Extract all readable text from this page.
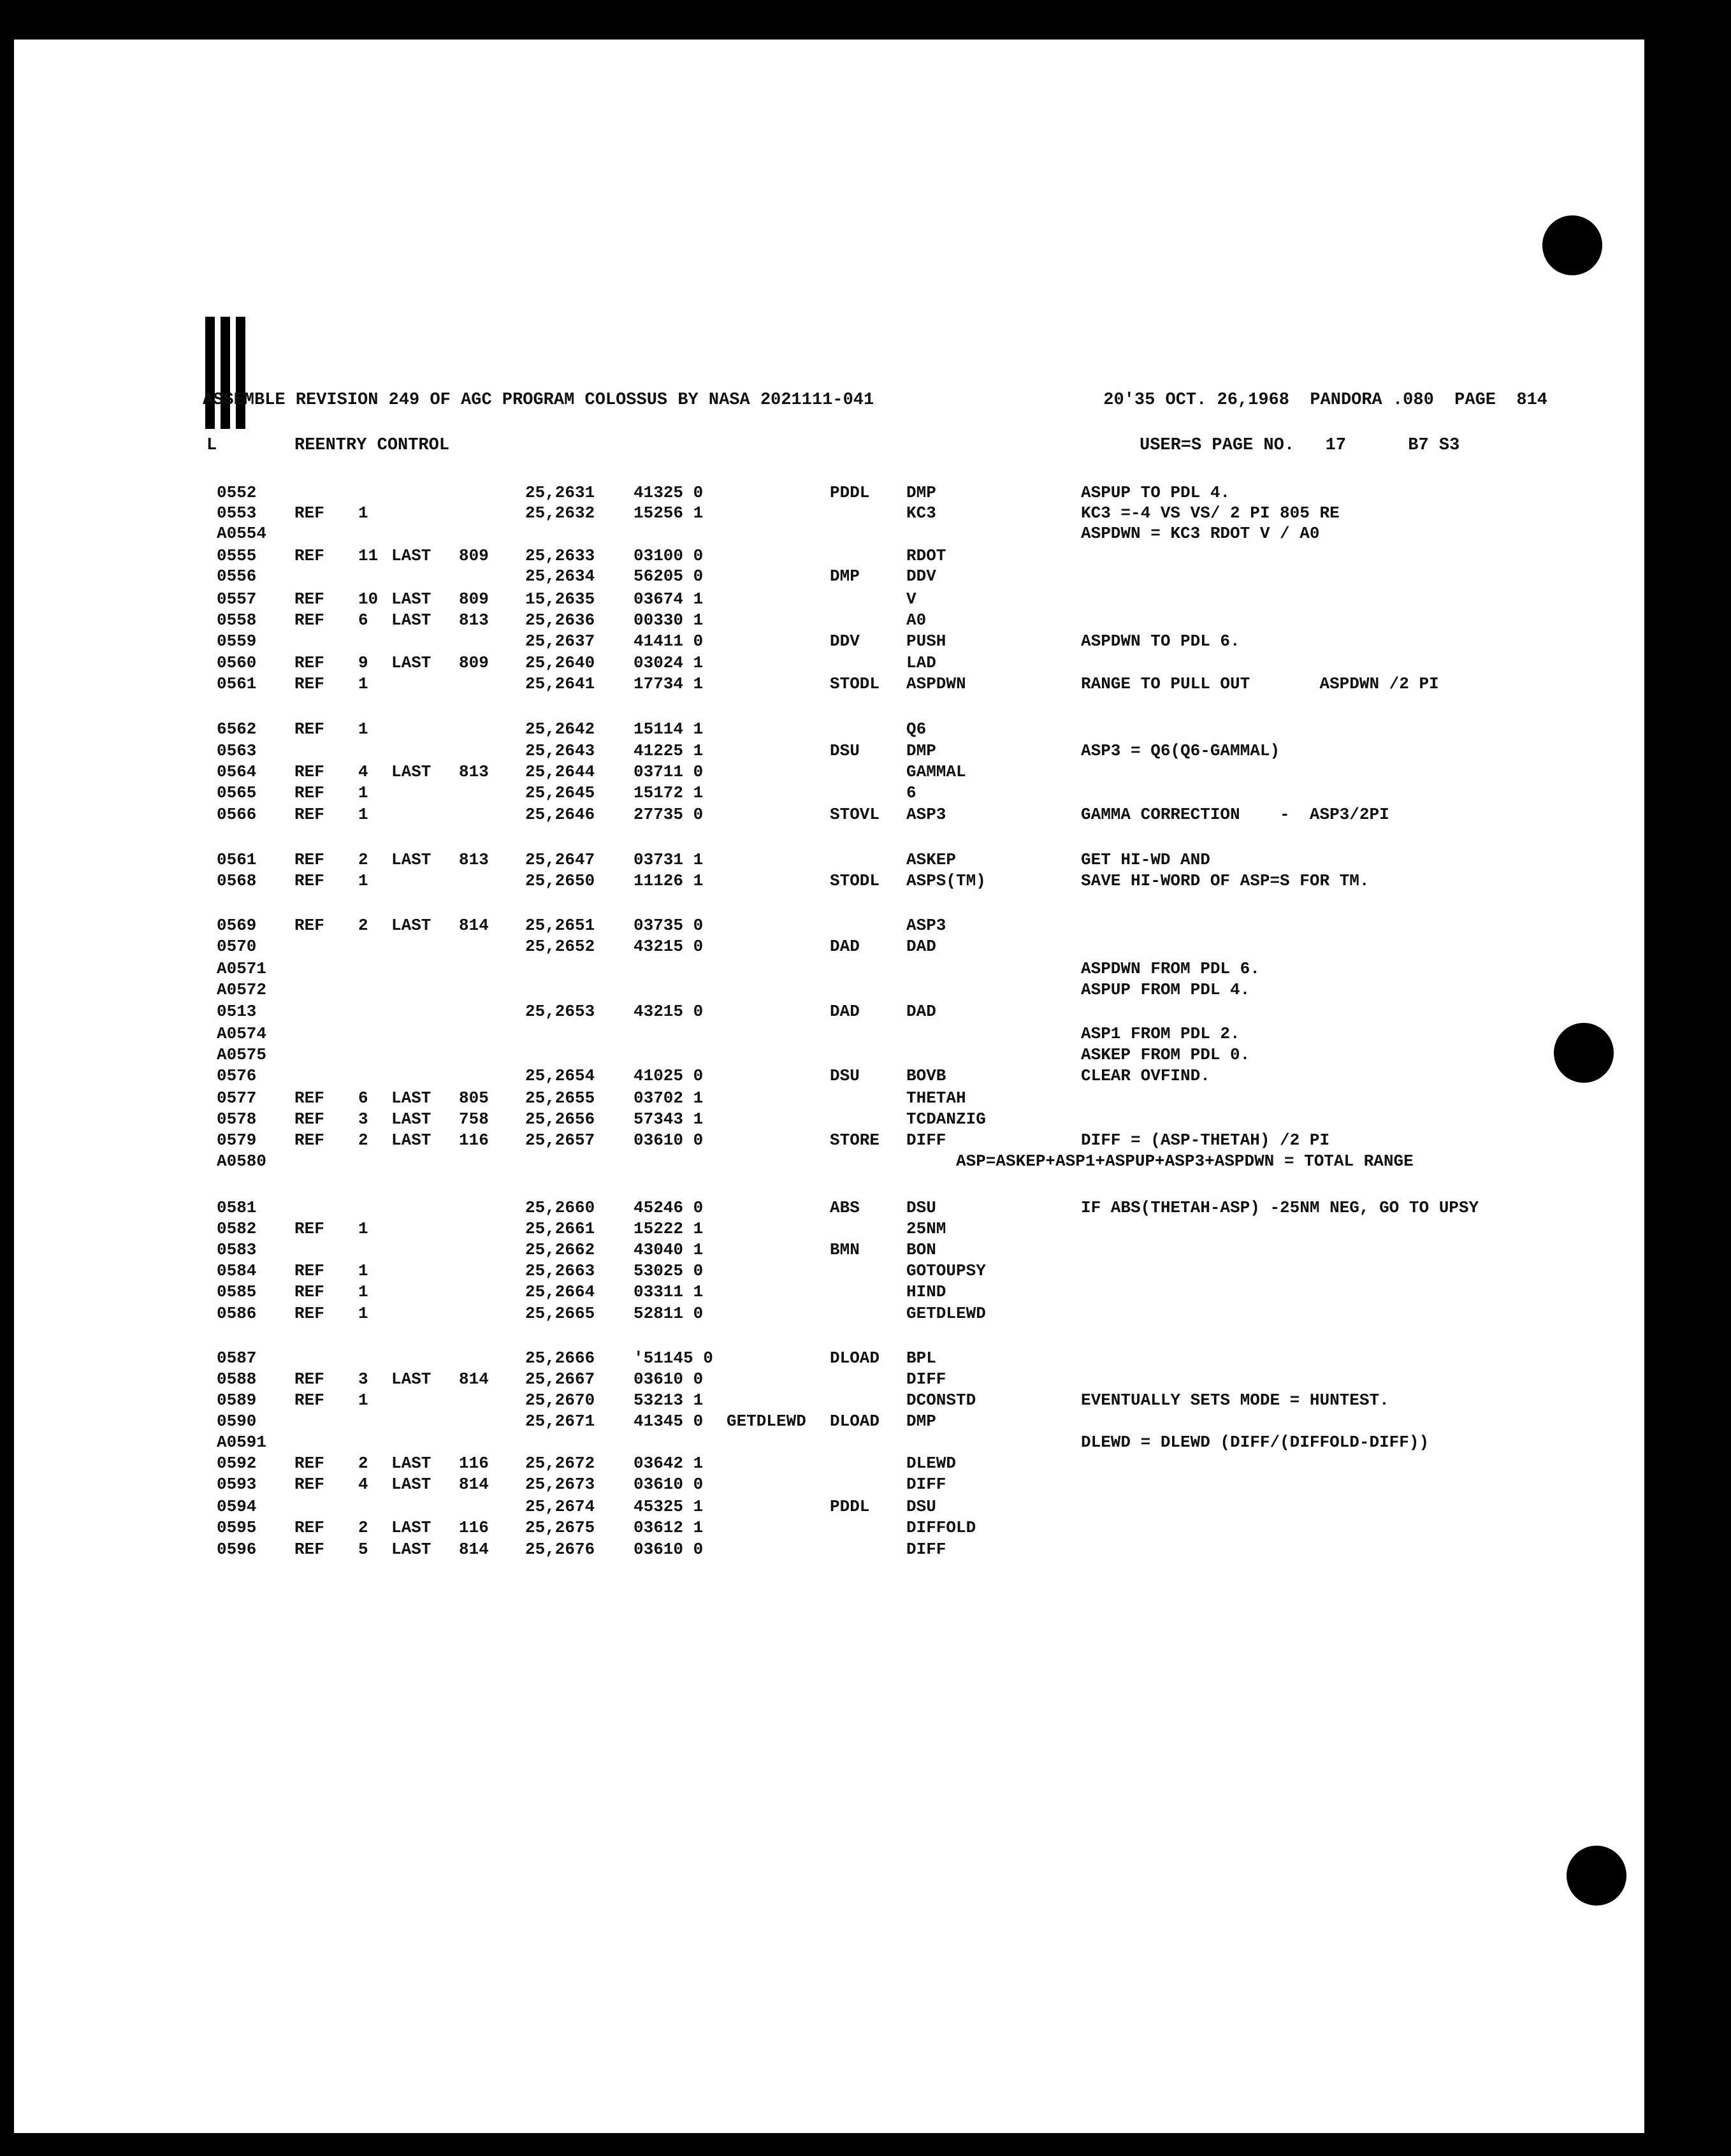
ASSEMBLE REVISION 249 OF AGC PROGRAM COLOSSUS BY NASA 2021111-041	20'35 OCT. 26,1968  PANDORA .080  PAGE  814
L	REENTRY CONTROL	USER=S PAGE NO.   17      B7 S3
0552	25,2631 41325 0	PDDL DMP	ASPUP TO PDL 4.
0553 REF 1	25,2632 15256 1	KC3	KC3 =-4 VS VS/ 2 PI 805 RE
A0554	ASPDWN = KC3 RDOT V / A0
0555 REF 11 LAST 809 25,2633 03100 0	RDOT
0556	25,2634 56205 0	DMP	DDV
0557 REF 10 LAST 809 15,2635 03674 1	V
0558 REF 6 LAST 813 25,2636 00330 1	A0
0559	25,2637 41411 0	DDV	PUSH	ASPDWN TO PDL 6.
0560 REF 9 LAST 809 25,2640 03024 1	LAD
0561 REF 1	25,2641 17734 1	STODL ASPDWN	RANGE TO PULL OUT       ASPDWN /2 PI
6562 REF 1	25,2642 15114 1	Q6
0563	25,2643 41225 1	DSU	DMP	ASP3 = Q6(Q6-GAMMAL)
0564 REF 4 LAST 813 25,2644 03711 0	GAMMAL
0565 REF 1	25,2645 15172 1	6
0566 REF 1	25,2646 27735 0	STOVL ASP3	GAMMA CORRECTION    -  ASP3/2PI
0561 REF 2 LAST 813 25,2647 03731 1	ASKEP	GET HI-WD AND
0568 REF 1	25,2650 11126 1	STODL ASPS(TM)	SAVE HI-WORD OF ASP=S FOR TM.
0569 REF 2 LAST 814 25,2651 03735 0	ASP3
0570	25,2652 43215 0	DAD	DAD
A0571	ASPDWN FROM PDL 6.
A0572	ASPUP FROM PDL 4.
0513	25,2653 43215 0	DAD	DAD
A0574	ASP1 FROM PDL 2.
A0575	ASKEP FROM PDL 0.
0576	25,2654 41025 0	DSU	BOVB	CLEAR OVFIND.
0577 REF 6 LAST 805 25,2655 03702 1	THETAH
0578 REF 3 LAST 758 25,2656 57343 1	TCDANZIG
0579 REF 2 LAST 116 25,2657 03610 0	STORE DIFF	DIFF = (ASP-THETAH) /2 PI
A0580	ASP=ASKEP+ASP1+ASPUP+ASP3+ASPDWN = TOTAL RANGE
0581	25,2660 45246 0	ABS	DSU	IF ABS(THETAH-ASP) -25NM NEG, GO TO UPSY
0582 REF 1	25,2661 15222 1	25NM
0583	25,2662 43040 1	BMN	BON
0584 REF 1	25,2663 53025 0	GOTOUPSY
0585 REF 1	25,2664 03311 1	HIND
0586 REF 1	25,2665 52811 0	GETDLEWD
0587	25,2666 '51145 0	DLOAD BPL
0588 REF 3 LAST 814 25,2667 03610 0	DIFF
0589 REF 1	25,2670 53213 1	DCONSTD	EVENTUALLY SETS MODE = HUNTEST.
0590	25,2671 41345 0 GETDLEWD DLOAD DMP
A0591	DLEWD = DLEWD (DIFF/(DIFFOLD-DIFF))
0592 REF 2 LAST 116 25,2672 03642 1	DLEWD
0593 REF 4 LAST 814 25,2673 03610 0	DIFF
0594	25,2674 45325 1	PDDL DSU
0595 REF 2 LAST 116 25,2675 03612 1	DIFFOLD
0596 REF 5 LAST 814 25,2676 03610 0	DIFF
